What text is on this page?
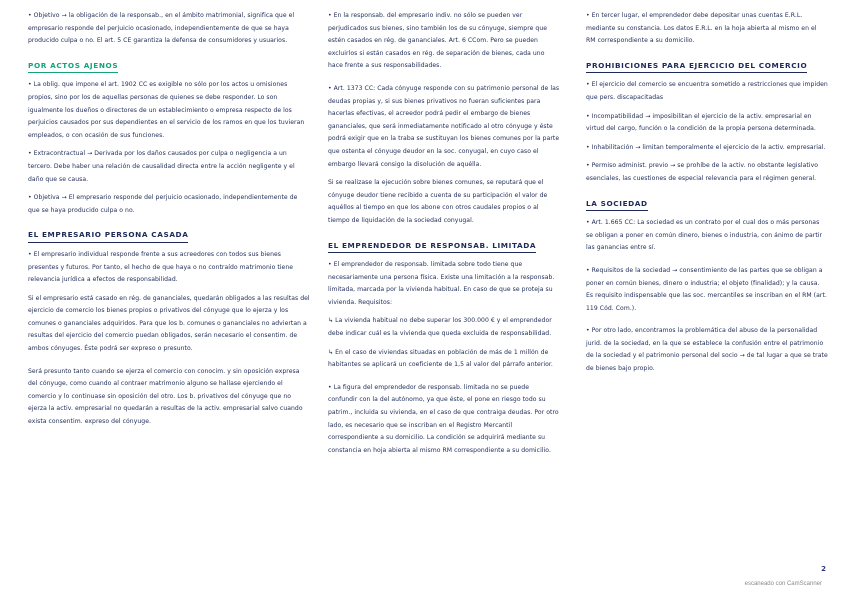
• Objetivo → la obligación de la responsab., en el ámbito matrimonial, significa que el empresario responde del perjuicio ocasionado, independientemente de que se haya producido culpa o no. El art. 5 CE garantiza la defensa de consumidores y usuarios.

POR ACTOS AJENOS

• La oblig. que impone el art. 1902 CC es exigible no sólo por los actos u omisiones propios, sino por los de aquellas personas de quienes se debe responder. Lo son igualmente los dueños o directores de un establecimiento o empresa respecto de los perjuicios causados por sus dependientes en el servicio de los ramos en que los tuvieran empleados, o con ocasión de sus funciones.

• Extracontractual → Derivada por los daños causados por culpa o negligencia a un tercero. Debe haber una relación de causalidad directa entre la acción negligente y el daño que se causa.

• Objetiva → El empresario responde del perjuicio ocasionado, independientemente de que se haya producido culpa o no.

EL EMPRESARIO PERSONA CASADA

• El empresario individual responde frente a sus acreedores con todos sus bienes presentes y futuros. Por tanto, el hecho de que haya o no contraído matrimonio tiene relevancia jurídica a efectos de responsabilidad.

Si el empresario está casado en rég. de gananciales, quedarán obligados a las resultas del ejercicio de comercio los bienes propios o privativos del cónyuge que lo ejerza y los comunes o gananciales adquiridos. Para que los b. comunes o gananciales no adviertan a resultas del ejercicio del comercio puedan obligados, serán necesario el consentim. de ambos cónyuges. Éste podrá ser expreso o presunto.

Será presunto tanto cuando se ejerza el comercio con conocim. y sin oposición expresa del cónyuge, como cuando al contraer matrimonio alguno se hallase ejerciendo el comercio y lo continuase sin oposición del otro. Los b. privativos del cónyuge que no ejerza la activ. empresarial no quedarán a resultas de la activ. empresarial salvo cuando exista consentim. expreso del cónyuge.

• En la responsab. del empresario indiv. no sólo se pueden ver perjudicados sus bienes, sino también los de su cónyuge, siempre que estén casados en rég. de gananciales. Art. 6 CCom. Pero se pueden excluirlos si están casados en rég. de separación de bienes, cada uno hace frente a sus responsabilidades.

• Art. 1373 CC: Cada cónyuge responde con su patrimonio personal de las deudas propias y, si sus bienes privativos no fueran suficientes para hacerlas efectivas, el acreedor podrá pedir el embargo de bienes gananciales, que será inmediatamente notificado al otro cónyuge y éste podrá exigir que en la traba se sustituyan los bienes comunes por la parte que ostenta el cónyuge deudor en la soc. conyugal, en cuyo caso el embargo llevará consigo la disolución de aquélla.

Si se realizase la ejecución sobre bienes comunes, se reputará que el cónyuge deudor tiene recibido a cuenta de su participación el valor de aquéllos al tiempo en que los abone con otros caudales propios o al tiempo de liquidación de la sociedad conyugal.

EL EMPRENDEDOR DE RESPONSAB. LIMITADA

• El emprendedor de responsab. limitada sobre todo tiene que necesariamente una persona física. Existe una limitación a la responsab. limitada, marcada por la vivienda habitual. En caso de que se proteja su vivienda. Requisitos:

↳ La vivienda habitual no debe superar los 300.000 € y el emprendedor debe indicar cuál es la vivienda que queda excluida de responsabilidad.

↳ En el caso de viviendas situadas en población de más de 1 millón de habitantes se aplicará un coeficiente de 1,5 al valor del párrafo anterior.

• La figura del emprendedor de responsab. limitada no se puede confundir con la del autónomo, ya que éste, el pone en riesgo todo su patrim., incluida su vivienda, en el caso de que contraiga deudas. Por otro lado, es necesario que se inscriban en el Registro Mercantil correspondiente a su domicilio. La condición se adquirirá mediante su constancia en hoja abierta al mismo RM correspondiente a su domicilio.

• En tercer lugar, el emprendedor debe depositar unas cuentas E.R.L. mediante su constancia. Los datos E.R.L. en la hoja abierta al mismo en el RM correspondiente a su domicilio.

PROHIBICIONES PARA EJERCICIO DEL COMERCIO

• El ejercicio del comercio se encuentra sometido a restricciones que impiden que pers. discapacitadas

• Incompatibilidad → imposibilitan el ejercicio de la activ. empresarial en virtud del cargo, función o la condición de la propia persona determinada.

• Inhabilitación → limitan temporalmente el ejercicio de la activ. empresarial.

• Permiso administ. previo → se prohíbe de la activ. no obstante legislativo esenciales, las cuestiones de especial relevancia para el régimen general.

LA SOCIEDAD

• Art. 1.665 CC: La sociedad es un contrato por el cual dos o más personas se obligan a poner en común dinero, bienes o industria, con ánimo de partir las ganancias entre sí.

• Requisitos de la sociedad → consentimiento de las partes que se obligan a poner en común bienes, dinero o industria; el objeto (finalidad); y la causa. Es requisito indispensable que las soc. mercantiles se inscriban en el RM (art. 119 Cód. Com.).

• Por otro lado, encontramos la problemática del abuso de la personalidad jurid. de la sociedad, en la que se establece la confusión entre el patrimonio de la sociedad y el patrimonio personal del socio → de tal lugar a que se trate de bienes bajo propio.

2
escaneado con CamScanner
